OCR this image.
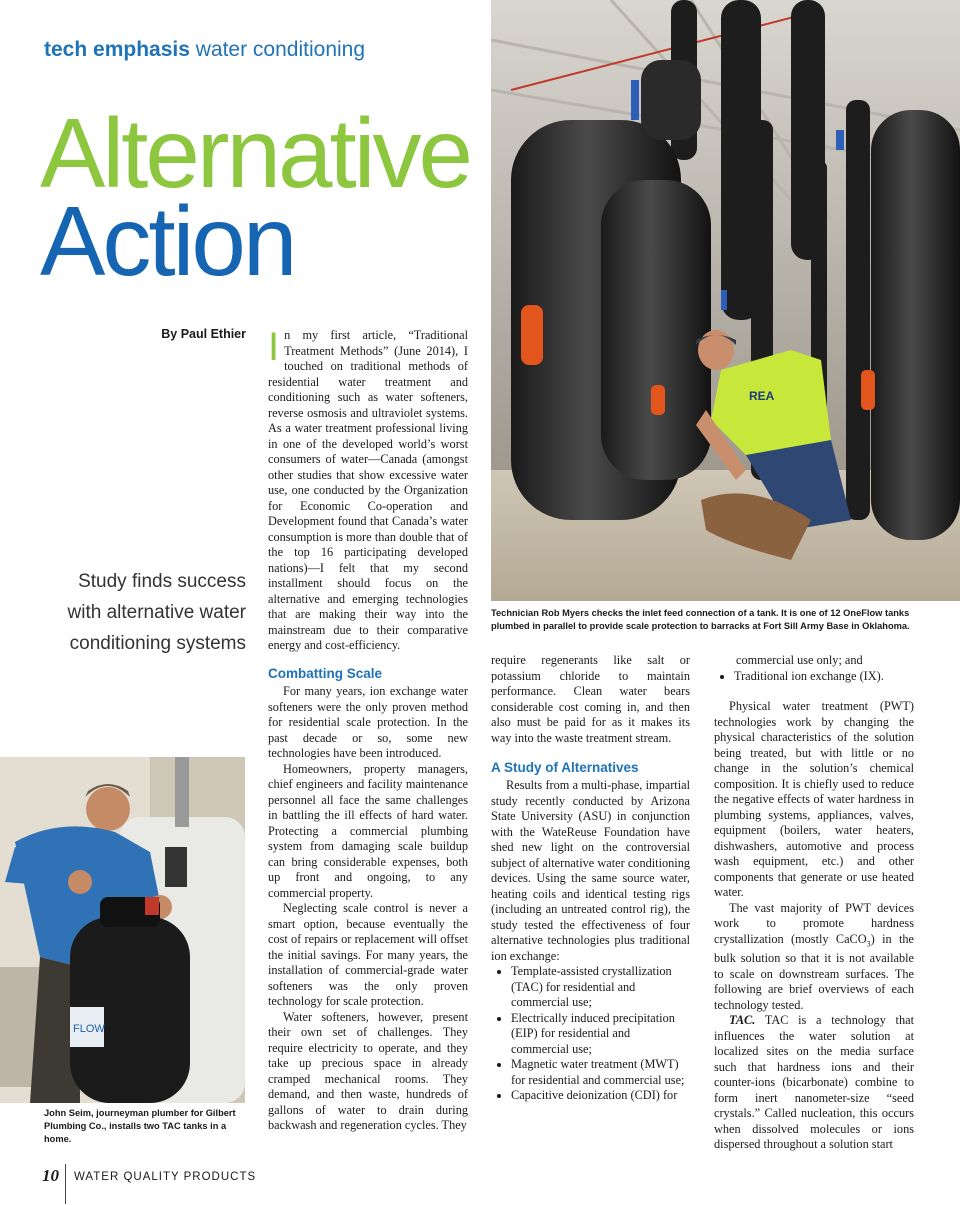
tech emphasis water conditioning
Alternative
Action
By Paul Ethier
Study finds success with alternative water conditioning systems
REA
Technician Rob Myers checks the inlet feed connection of a tank. It is one of 12 OneFlow tanks plumbed in parallel to provide scale protection to barracks at Fort Sill Army Base in Oklahoma.
FLOW
John Seim, journeyman plumber for Gilbert Plumbing Co., installs two TAC tanks in a home.
I n my first article, “Traditional Treatment Methods” (June 2014), I touched on traditional methods of residential water treatment and conditioning such as water softeners, reverse osmosis and ultraviolet systems. As a water treatment professional living in one of the developed world’s worst consumers of water—Canada (amongst other studies that show excessive water use, one conducted by the Organization for Economic Co-operation and Development found that Canada’s water consumption is more than double that of the top 16 participating developed nations)—I felt that my second installment should focus on the alternative and emerging technologies that are making their way into the mainstream due to their comparative energy and cost-efficiency.

Combatting Scale

For many years, ion exchange water softeners were the only proven method for residential scale protection. In the past decade or so, some new technologies have been introduced.

Homeowners, property managers, chief engineers and facility maintenance personnel all face the same challenges in battling the ill effects of hard water. Protecting a commercial plumbing system from damaging scale buildup can bring considerable expenses, both up front and ongoing, to any commercial property.

Neglecting scale control is never a smart option, because eventually the cost of repairs or replacement will offset the initial savings. For many years, the installation of commercial-grade water softeners was the only proven technology for scale protection.

Water softeners, however, present their own set of challenges. They require electricity to operate, and they take up precious space in already cramped mechanical rooms. They demand, and then waste, hundreds of gallons of water to drain during backwash and regeneration cycles. They

require regenerants like salt or potassium chloride to maintain performance. Clean water bears considerable cost coming in, and then also must be paid for as it makes its way into the waste treatment stream.

A Study of Alternatives

Results from a multi-phase, impartial study recently conducted by Arizona State University (ASU) in conjunction with the WateReuse Foundation have shed new light on the controversial subject of alternative water conditioning devices. Using the same source water, heating coils and identical testing rigs (including an untreated control rig), the study tested the effectiveness of four alternative technologies plus traditional ion exchange:

• Template-assisted crystallization (TAC) for residential and commercial use;
• Electrically induced precipitation (EIP) for residential and commercial use;
• Magnetic water treatment (MWT) for residential and commercial use;
• Capacitive deionization (CDI) for
commercial use only; and
• Traditional ion exchange (IX).

Physical water treatment (PWT) technologies work by changing the physical characteristics of the solution being treated, but with little or no change in the solution’s chemical composition. It is chiefly used to reduce the negative effects of water hardness in plumbing systems, appliances, valves, equipment (boilers, water heaters, dishwashers, automotive and process wash equipment, etc.) and other components that generate or use heated water.

The vast majority of PWT devices work to promote hardness crystallization (mostly CaCO$_3$) in the bulk solution so that it is not available to scale on downstream surfaces. The following are brief overviews of each technology tested.

TAC. TAC is a technology that influences the water solution at localized sites on the media surface such that hardness ions and their counter-ions (bicarbonate) combine to form inert nanometer-size “seed crystals.” Called nucleation, this occurs when dissolved molecules or ions dispersed throughout a solution start

10 WATER QUALITY PRODUCTS
